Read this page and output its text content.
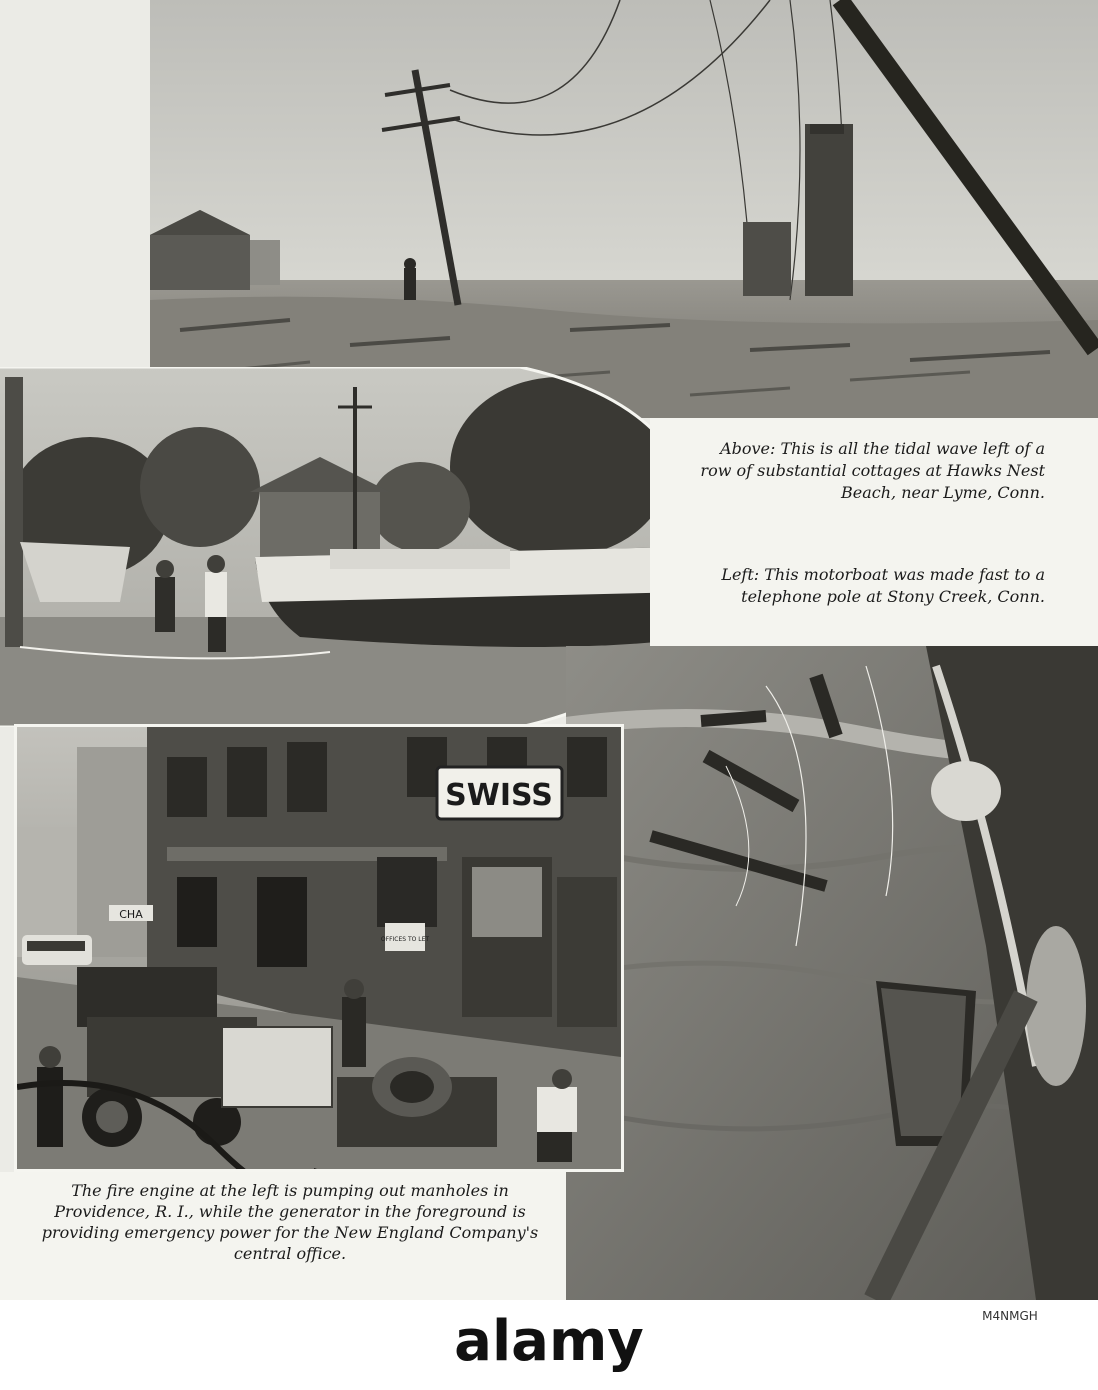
Above: This is all the tidal wave left of a row of substantial cottages at Hawks Nest Beach, near Lyme, Conn.
Left: This motorboat was made fast to a telephone pole at Stony Creek, Conn.
SWISS
OFFICES TO LET
CHA
The fire engine at the left is pumping out manholes in Providence, R. I., while the generator in the foreground is providing emergency power for the New England Company's central office.
alamy	M4NMGH
